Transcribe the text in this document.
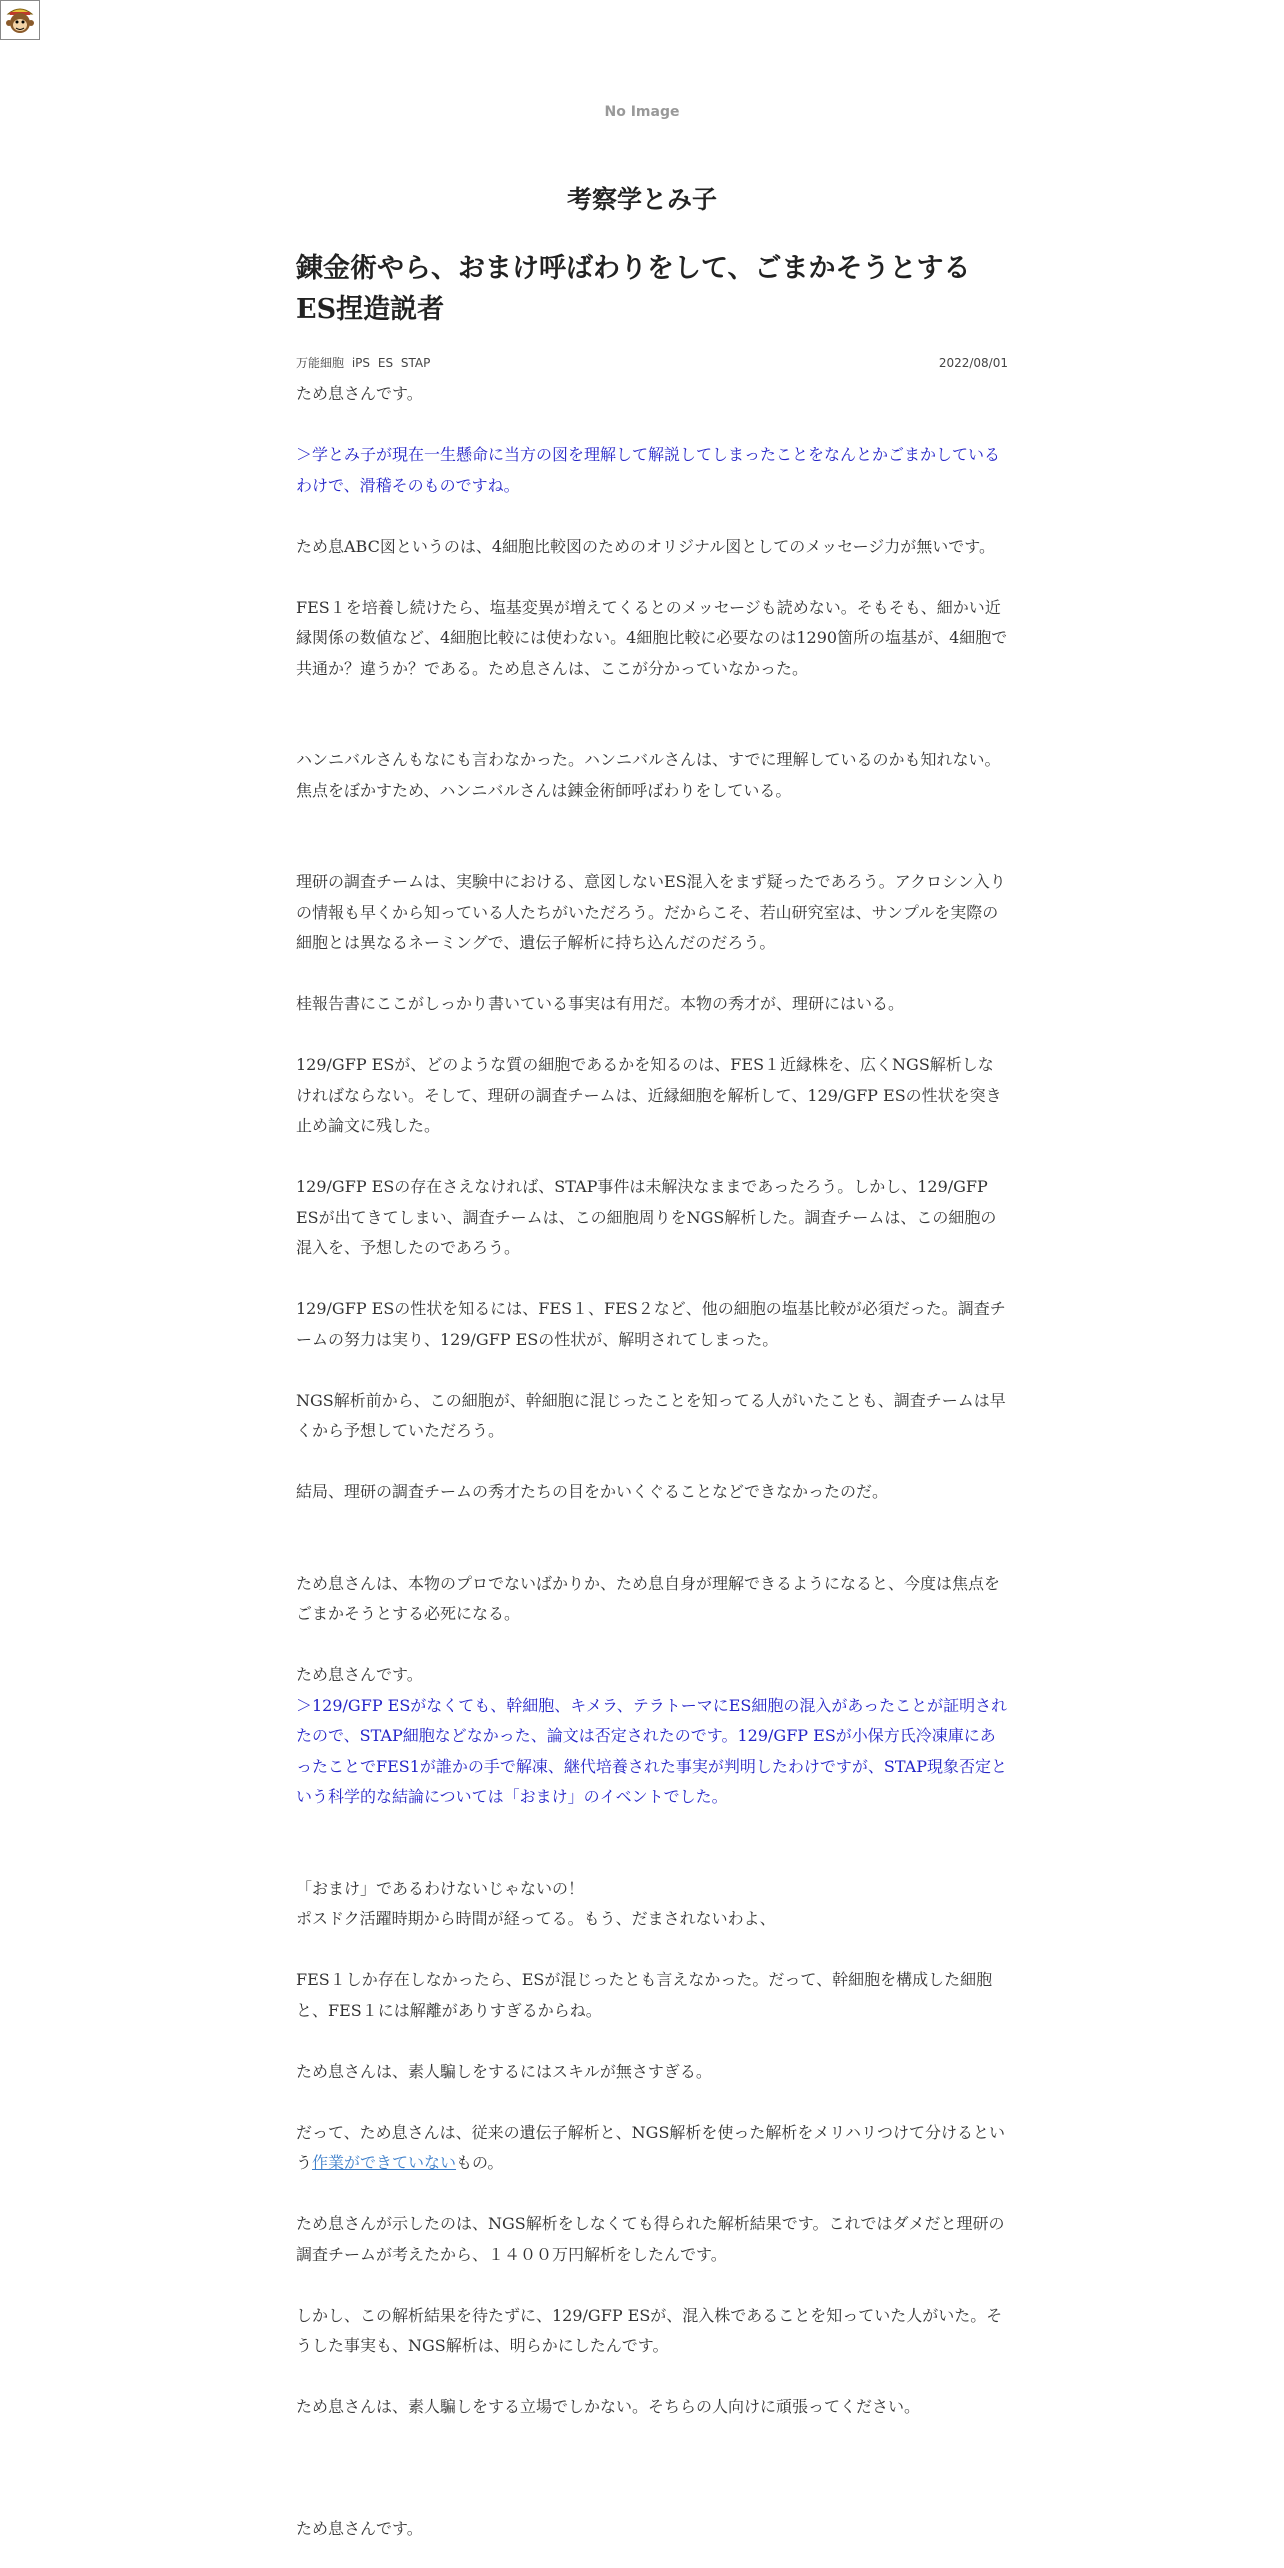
No Image
考察学とみ子
錬金術やら、おまけ呼ばわりをして、ごまかそうとするES捏造説者
万能細胞 iPS ES STAP	2022/08/01

ため息さんです。

＞学とみ子が現在一生懸命に当方の図を理解して解説してしまったことをなんとかごまかしているわけで、滑稽そのものですね。

ため息ABC図というのは、4細胞比較図のためのオリジナル図としてのメッセージ力が無いです。

FES１を培養し続けたら、塩基変異が増えてくるとのメッセージも読めない。そもそも、細かい近縁関係の数値など、4細胞比較には使わない。4細胞比較に必要なのは1290箇所の塩基が、4細胞で共通か？違うか？である。ため息さんは、ここが分かっていなかった。

ハンニバルさんもなにも言わなかった。ハンニバルさんは、すでに理解しているのかも知れない。焦点をぼかすため、ハンニバルさんは錬金術師呼ばわりをしている。

理研の調査チームは、実験中における、意図しないES混入をまず疑ったであろう。アクロシン入りの情報も早くから知っている人たちがいただろう。だからこそ、若山研究室は、サンプルを実際の細胞とは異なるネーミングで、遺伝子解析に持ち込んだのだろう。

桂報告書にここがしっかり書いている事実は有用だ。本物の秀才が、理研にはいる。

129/GFP ESが、どのような質の細胞であるかを知るのは、FES１近縁株を、広くNGS解析しなければならない。そして、理研の調査チームは、近縁細胞を解析して、129/GFP ESの性状を突き止め論文に残した。

129/GFP ESの存在さえなければ、STAP事件は未解決なままであったろう。しかし、129/GFP ESが出てきてしまい、調査チームは、この細胞周りをNGS解析した。調査チームは、この細胞の混入を、予想したのであろう。

129/GFP ESの性状を知るには、FES１、FES２など、他の細胞の塩基比較が必須だった。調査チームの努力は実り、129/GFP ESの性状が、解明されてしまった。

NGS解析前から、この細胞が、幹細胞に混じったことを知ってる人がいたことも、調査チームは早くから予想していただろう。

結局、理研の調査チームの秀才たちの目をかいくぐることなどできなかったのだ。

ため息さんは、本物のプロでないばかりか、ため息自身が理解できるようになると、今度は焦点をごまかそうとする必死になる。

ため息さんです。

＞129/GFP ESがなくても、幹細胞、キメラ、テラトーマにES細胞の混入があったことが証明されたので、STAP細胞などなかった、論文は否定されたのです。129/GFP ESが小保方氏冷凍庫にあったことでFES1が誰かの手で解凍、継代培養された事実が判明したわけですが、STAP現象否定という科学的な結論については「おまけ」のイベントでした。

「おまけ」であるわけないじゃないの！

ポスドク活躍時期から時間が経ってる。もう、だまされないわよ、

FES１しか存在しなかったら、ESが混じったとも言えなかった。だって、幹細胞を構成した細胞と、FES１には解離がありすぎるからね。

ため息さんは、素人騙しをするにはスキルが無さすぎる。

だって、ため息さんは、従来の遺伝子解析と、NGS解析を使った解析をメリハリつけて分けるという作業ができていないもの。

ため息さんが示したのは、NGS解析をしなくても得られた解析結果です。これではダメだと理研の調査チームが考えたから、１４００万円解析をしたんです。

しかし、この解析結果を待たずに、129/GFP ESが、混入株であることを知っていた人がいた。そうした事実も、NGS解析は、明らかにしたんです。

ため息さんは、素人騙しをする立場でしかない。そちらの人向けに頑張ってください。

ため息さんです。
